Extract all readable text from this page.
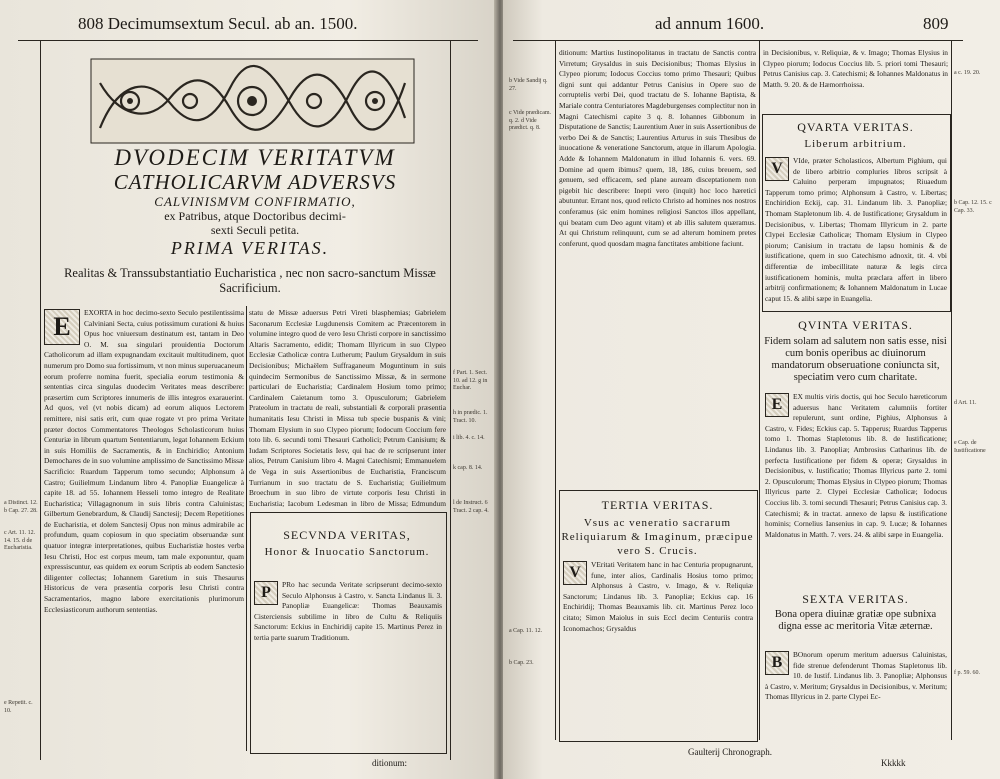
808 Decimumsextum Secul. ab an. 1500.
DVODECIM VERITATVM
CATHOLICARVM ADVERSVS
CALVINISMVM CONFIRMATIO,
ex Patribus, atque Doctoribus decimi-
sexti Seculi petita.
PRIMA VERITAS.
Realitas & Transsubstantiatio Eucharistica , nec non sacro-sanctum Missæ Sacrificium.
E	EXORTA in hoc decimo-sexto Seculo pestilentissima Calviniani Secta, cuius potissimum curationi & huius Opus hoc vniuersum destinatum est, tantam in Deo O. M. sua singulari prouidentia Doctorum Catholicorum ad illam expugnandam excitauit multitudinem, quot numerum pro Domo sua fortissimum, vt non minus superuacaneum eorum proferre nomina fuerit, specialia eorum testimonia & sententias circa singulas duodecim Veritates meas describere: præsertim cum Scriptores innumeris de illis integros exarauerint. Ad quos, vel (vt nobis dicam) ad eorum aliquos Lectorem remittere, nisi satis erit, cum quae rogate vt pro prima Veritate præter doctos Commentatores Theologos Scholasticorum huius Centuriæ in librum quartum Sententiarum, legat Iohannem Eckium in suis Homiliis de Sacramentis, & in Enchiridio; Antonium Demochares de in suo volumine amplissimo de Sanctissimo Missæ Sacrificio: Ruardum Tapperum tomo secundo; Alphonsum à Castro; Guilielmum Lindanum libro 4. Panopliæ Euangelicæ à capite 18. ad 55. Iohannem Hesseli tomo integro de Realitate Eucharistica; Villagagnonum in suis libris contra Caluinistas; Gilbertum Genebrardum, & Claudij Sanctesij; Decem Repetitiones de Eucharistia, et dolem Sanctesij Opus non minus admirabile ac profundum, quam copiosum in quo speciatim obseruandæ sunt quatuor integræ interpretationes, quibus Eucharistiæ hostes verba Iesu Christi, Hoc est corpus meum, tam male exponuntur, quam expressiscuntur, eas quidem ex eorum Scriptis ab eodem Sanctesio diligenter collectas; Iohannem Garetium in suis Thesaurus Historicus de vera præsentia corporis Iesu Christi contra Sacramentarios, magno labore exercitationis plurimorum Ecclesiasticorum authorum sententias.
statu de Missæ aduersus Petri Vireti blasphemias; Gabrielem Saconarum Ecclesiæ Lugdunensis Comitem ac Præcentorem in volumine integro quod de vero Iesu Christi corpore in sanctissimo Altaris Sacramento, edidit; Thomam Illyricum in suo Clypeo Ecclesiæ Catholicæ contra Lutherum; Paulum Grysaldum in suis Decisionibus; Michaëlem Suffraganeum Moguntinum in suis quindecim Sermonibus de Sanctissimo Missæ, & in sermone particulari de Eucharistia; Cardinalem Hosium tomo primo; Cardinalem Caietanum tomo 3. Opusculorum; Gabrielem Prateolum in tractatu de reali, substantiali & corporali præsentia humanitatis Iesu Christi in Missa tub specie buspanis & vini; Thomam Elysium in suo Clypeo piorum; Iodocum Coccium fere toto lib. 6. secundi tomi Thesauri Catholici; Petrum Canisium; & Iudam Scriptores Societatis Iesv, qui hac de re scripserunt inter alios, Petrum Canisium libro 4. Magni Catechismi; Emmanuelem de Vega in suis Assertionibus de Eucharistia, Franciscum Turrianum in suo tractatu de S. Eucharistia; Guilielmum Broechum in suo libro de virtute corporis Iesu Christi in Eucharistia; Iacobum Ledesman in libro de Missa; Edmundum
SECVNDA VERITAS,
Honor & Inuocatio Sanctorum.
P	PRo hac secunda Veritate scripserunt decimo-sexto Seculo Alphonsus à Castro, v. Sancta Lindanus li. 3. Panopliæ Euangelicæ: Thomas Beauxamis Cisterciensis subtilime in libro de Cultu & Reliquiis Sanctorum: Eckius in Enchiridij capite 15. Martinus Perez in tertia parte suarum Traditionum.
a Distinct. 12. b Cap. 27. 28.
c Art. 11. 12. 14. 15. d de Eucharistia.
e Repetit. c. 10.
f Part. 1. Sect. 10. ad 12. g in Euchar.
h in prædic. 1. Tract. 10.
i lib. 4. c. 14.
k cap. 8. 14.
l de Instruct. 6 Tract. 2 cap. 4.
ditionum:
ad annum 1600.	809
ditionum: Martius Iustinopolitanus in tractatu de Sanctis contra Virretum; Grysaldus in suis Decisionibus; Thomas Elysius in Clypeo piorum; Iodocus Coccius tomo primo Thesauri; Quibus digni sunt qui addantur Petrus Canisius in Opere suo de corruptelis verbi Dei, quod tractatu de S. Iohanne Baptista, & Mariale contra Centuriatores Magdeburgenses complectitur non in Magni Catechismi capite 3 q. 8. Iohannes Gibbonum in Disputatione de Sanctis; Laurentium Auer in suis Assertionibus de verbo Dei & de Sanctis; Laurentius Arturus in suis Thesibus de inuocatione & veneratione Sanctorum, atque in illarum Apologia. Adde & Iohannem Maldonatum in illud Iohannis 6. vers. 69. Domine ad quem ibimus? quem, 18, 186, cuius breuem, sed genuem, sed efficacem, sed plane auream disceptationem non pigebit hic describere: Inepti vero (inquit) hoc loco hæretici abutuntur. Errant nos, quod relicto Christo ad homines nos nostros conferamus (sic enim homines religiosi Sanctos illos appellant, qui beatam cum Deo agunt vitam) et ab illis salutem quæramus. At qui Christum relinquunt, cum se ad alterum hominem pretes conferunt, quod quosdam magna fanctitates ambitione faciunt.
TERTIA VERITAS.
Vsus ac veneratio sacrarum Reliquiarum & Imaginum, præcipue vero S. Crucis.
V	VEritati Veritatem hanc in hac Centuria propugnarunt, fune, inter alios, Cardinalis Hosius tomo primo; Alphonsus à Castro, v. Imago, & v. Reliquiæ Sanctorum; Lindanus lib. 3. Panopliæ; Eckius cap. 16 Enchiridij; Thomas Beauxamis lib. cit. Martinus Perez loco citato; Simon Maiolus in suis Eccl decim Centuriis contra Iconomachos; Grysaldus
in Decisionibus, v. Reliquiæ, & v. Imago; Thomas Elysius in Clypeo piorum; Iodocus Coccius lib. 5. priori tomi Thesauri; Petrus Canisius cap. 3. Catechismi; & Iohannes Maldonatus in Matth. 9. 20. & de Hæmorrhoissa.
QVARTA VERITAS.
Liberum arbitrium.
V	VIde, præter Scholasticos, Albertum Pighium, qui de libero arbitrio compluries libros scripsit à Caluino perperam impugnatos; Riuaedum Tapperum tomo primo; Alphonsum à Castro, v. Libertas; Enchiridion Eckij, cap. 31. Lindanum lib. 3. Panopliæ; Thomam Stapletonum lib. 4. de Iustificatione; Grysaldum in Decisionibus, v. Libertas; Thomam Illyricum in 2. parte Clypei Ecclesiæ Catholicæ; Thomam Elysium in Clypeo piorum; Canisium in tractatu de lapsu hominis & de iustificatione, quem in suo Catechismo adnoxit, tit. 4. vbi differentiæ de imbecillitate naturæ & legis circa iustificationem hominis, multa præclara affert in libero arbitrij confirmationem; & Iohannem Maldonatum in Lucae caput 15. & alibi sæpe in Euangelia.
QVINTA VERITAS.
Fidem solam ad salutem non satis esse, nisi cum bonis operibus ac diuinorum mandatorum obseruatione coniuncta sit, speciatim vero cum charitate.
E	EX multis viris doctis, qui hoc Seculo hæreticorum aduersus hanc Veritatem calumniis fortiter repulerunt, sunt ordine, Pighius, Alphonsus à Castro, v. Fides; Eckius cap. 5. Tapperus; Ruardus Tapperus tomo 1. Thomas Stapletonus lib. 8. de Iustificatione; Lindanus lib. 3. Panopliæ; Ambrosius Catharinus lib. de perfecta Iustificatione per fidem & operæ; Grysaldus in Decisionibus, v. Iustificatio; Thomas Illyricus parte 2. tomi 2. Opusculorum; Thomas Elysius in Clypeo piorum; Thomas Illyricus parte 2. Clypei Ecclesiæ Catholicæ; Iodocus Coccius lib. 3. tomi secundi Thesauri; Petrus Canisius cap. 3. Catechismi; & in tractat. annexo de lapsu & iustificatione hominis; Cornelius Iansenius in cap. 9. Lucæ; & Iohannes Maldonatus in Matth. 7. vers. 24. & alibi sæpe in Euangelia.
SEXTA VERITAS.
Bona opera diuinæ gratiæ ope subnixa digna esse ac meritoria Vitæ æternæ.
B	BOnorum operum meritum aduersus Caluinistas, fide strenue defenderunt Thomas Stapletonus lib. 10. de Iustif. Lindanus lib. 3. Panopliæ; Alphonsus à Castro, v. Meritum; Grysaldus in Decisionibus, v. Meritum; Thomas Illyricus in 2. parte Clypei Ec-
b Vide Sandij q. 27.
c Vide prædicam. q. 2. d Vide prædict. q. 8.
a Cap. 11. 12.
b Cap. 23.
a c. 19. 20.
b Cap. 12. 15. c Cap. 33.
d Art. 11.
e Cap. de Iustificatione
f p. 59. 60.
Gaulterij Chronograph.
Kkkkk
